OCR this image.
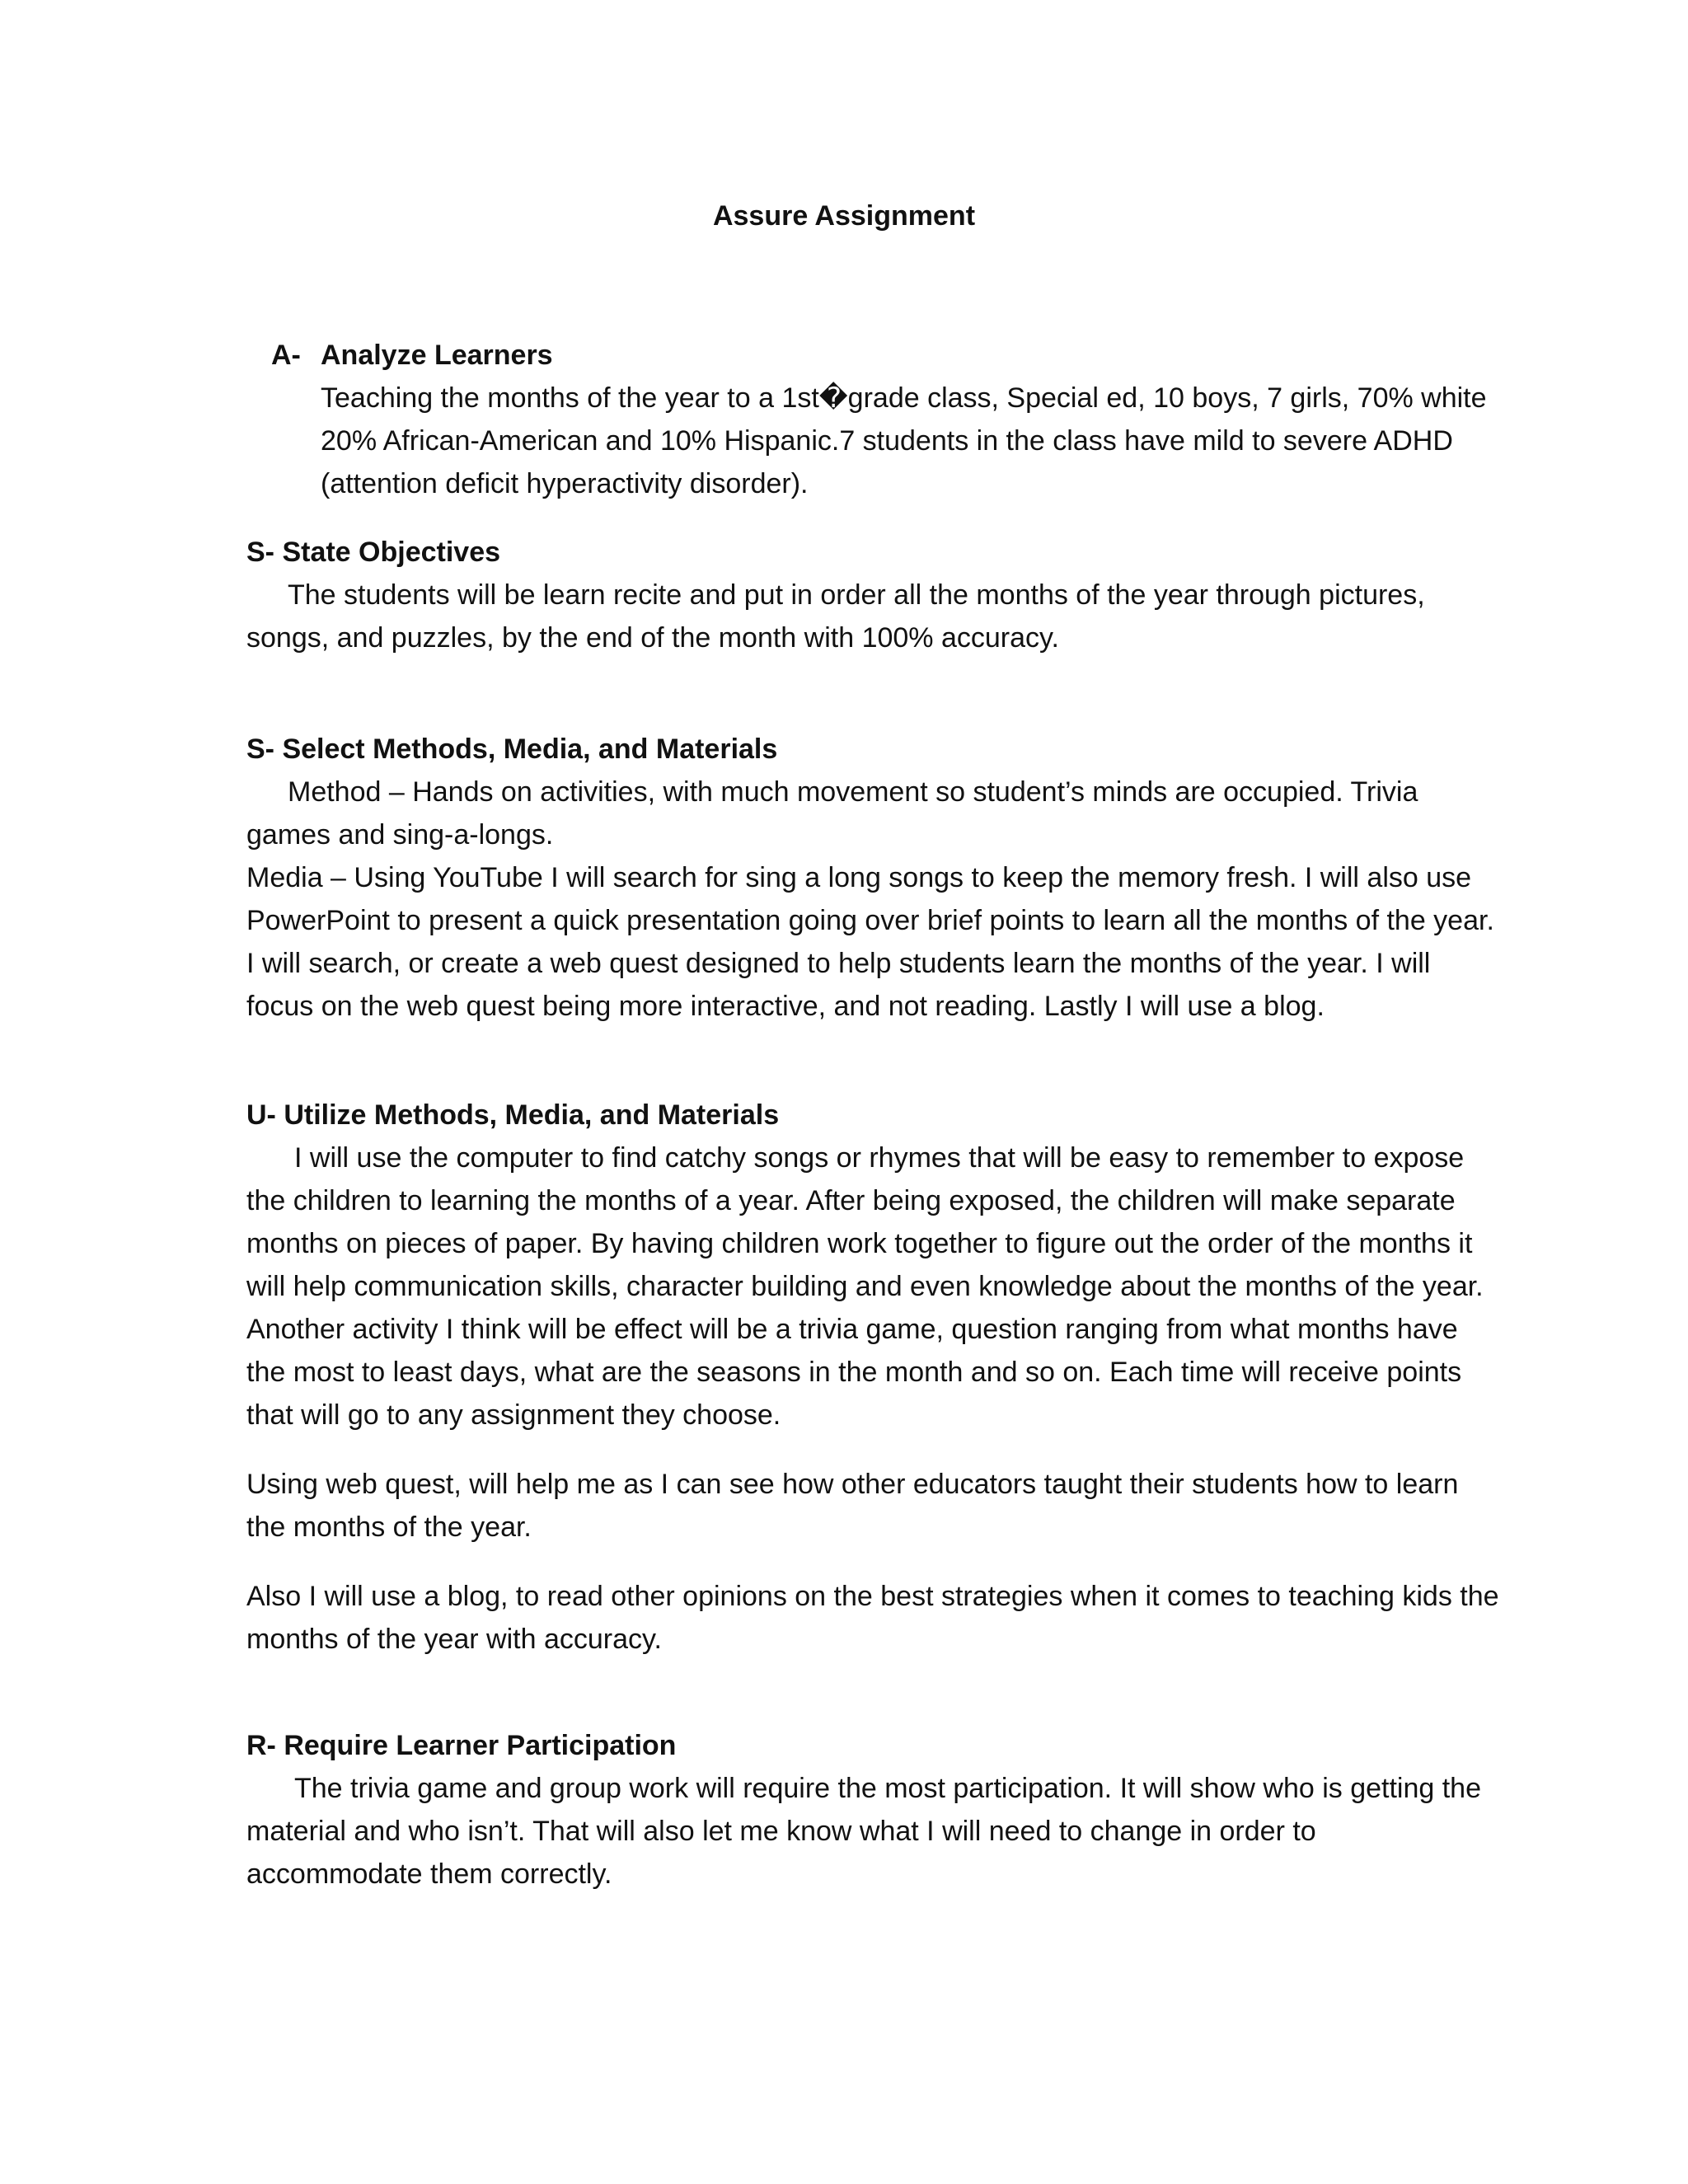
Assure Assignment
A- Analyze Learners

Teaching the months of the year to a 1st�grade class, Special ed, 10 boys, 7 girls, 70% white 20% African-American and 10% Hispanic.7 students in the class have mild to severe ADHD (attention deficit hyperactivity disorder).

S- State Objectives

The students will be learn recite and put in order all the months of the year through pictures, songs, and puzzles, by the end of the month with 100% accuracy.

S- Select Methods, Media, and Materials

Method – Hands on activities, with much movement so student’s minds are occupied. Trivia games and sing-a-longs.

Media – Using YouTube I will search for sing a long songs to keep the memory fresh. I will also use PowerPoint to present a quick presentation going over brief points to learn all the months of the year. I will search, or create a web quest designed to help students learn the months of the year. I will focus on the web quest being more interactive, and not reading. Lastly I will use a blog.

U- Utilize Methods, Media, and Materials

I will use the computer to find catchy songs or rhymes that will be easy to remember to expose the children to learning the months of a year. After being exposed, the children will make separate months on pieces of paper. By having children work together to figure out the order of the months it will help communication skills, character building and even knowledge about the months of the year. Another activity I think will be effect will be a trivia game, question ranging from what months have the most to least days, what are the seasons in the month and so on. Each time will receive points that will go to any assignment they choose.

Using web quest, will help me as I can see how other educators taught their students how to learn the months of the year.

Also I will use a blog, to read other opinions on the best strategies when it comes to teaching kids the months of the year with accuracy.

R- Require Learner Participation

The trivia game and group work will require the most participation. It will show who is getting the material and who isn’t. That will also let me know what I will need to change in order to accommodate them correctly.
